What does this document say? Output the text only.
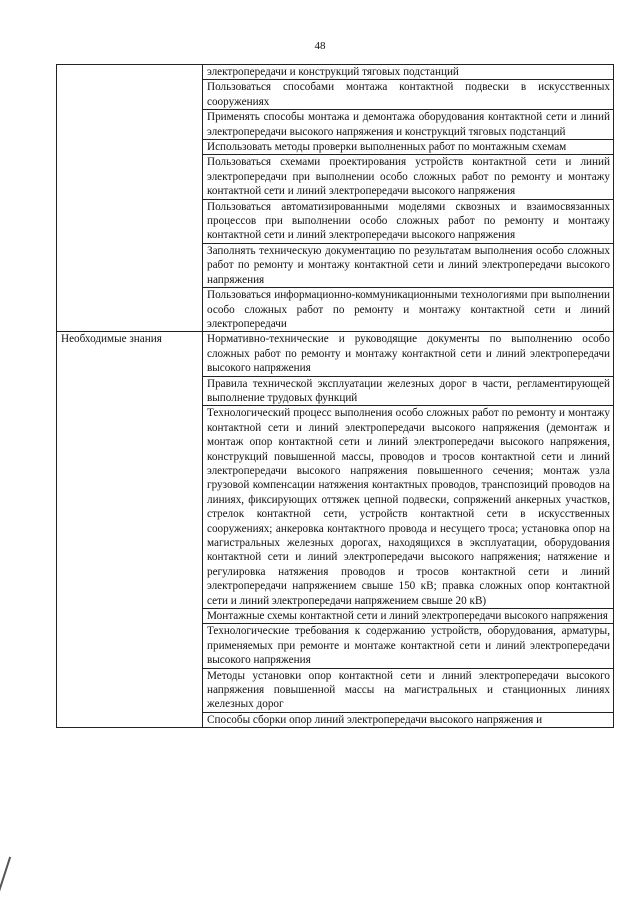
48

	электропередачи и конструкций тяговых подстанций

	Пользоваться способами монтажа контактной подвески в искусственных сооружениях

	Применять способы монтажа и демонтажа оборудования контактной сети и линий электропередачи высокого напряжения и конструкций тяговых подстанций

	Использовать методы проверки выполненных работ по монтажным схемам

	Пользоваться схемами проектирования устройств контактной сети и линий электропередачи при выполнении особо сложных работ по ремонту и монтажу контактной сети и линий электропередачи высокого напряжения

	Пользоваться автоматизированными моделями сквозных и взаимосвязанных процессов при выполнении особо сложных работ по ремонту и монтажу контактной сети и линий электропередачи высокого напряжения

	Заполнять техническую документацию по результатам выполнения особо сложных работ по ремонту и монтажу контактной сети и линий электропередачи высокого напряжения

	Пользоваться информационно-коммуникационными технологиями при выполнении особо сложных работ по ремонту и монтажу контактной сети и линий электропередачи

Необходимые знания	Нормативно-технические и руководящие документы по выполнению особо сложных работ по ремонту и монтажу контактной сети и линий электропередачи высокого напряжения

	Правила технической эксплуатации железных дорог в части, регламентирующей выполнение трудовых функций

	Технологический процесс выполнения особо сложных работ по ремонту и монтажу контактной сети и линий электропередачи высокого напряжения (демонтаж и монтаж опор контактной сети и линий электропередачи высокого напряжения, конструкций повышенной массы, проводов и тросов контактной сети и линий электропередачи высокого напряжения повышенного сечения; монтаж узла грузовой компенсации натяжения контактных проводов, транспозиций проводов на линиях, фиксирующих оттяжек цепной подвески, сопряжений анкерных участков, стрелок контактной сети, устройств контактной сети в искусственных сооружениях; анкеровка контактного провода и несущего троса; установка опор на магистральных железных дорогах, находящихся в эксплуатации, оборудования контактной сети и линий электропередачи высокого напряжения; натяжение и регулировка натяжения проводов и тросов контактной сети и линий электропередачи напряжением свыше 150 кВ; правка сложных опор контактной сети и линий электропередачи напряжением свыше 20 кВ)

	Монтажные схемы контактной сети и линий электропередачи высокого напряжения

	Технологические требования к содержанию устройств, оборудования, арматуры, применяемых при ремонте и монтаже контактной сети и линий электропередачи высокого напряжения

	Методы установки опор контактной сети и линий электропередачи высокого напряжения повышенной массы на магистральных и станционных линиях железных дорог

	Способы сборки опор линий электропередачи высокого напряжения и
